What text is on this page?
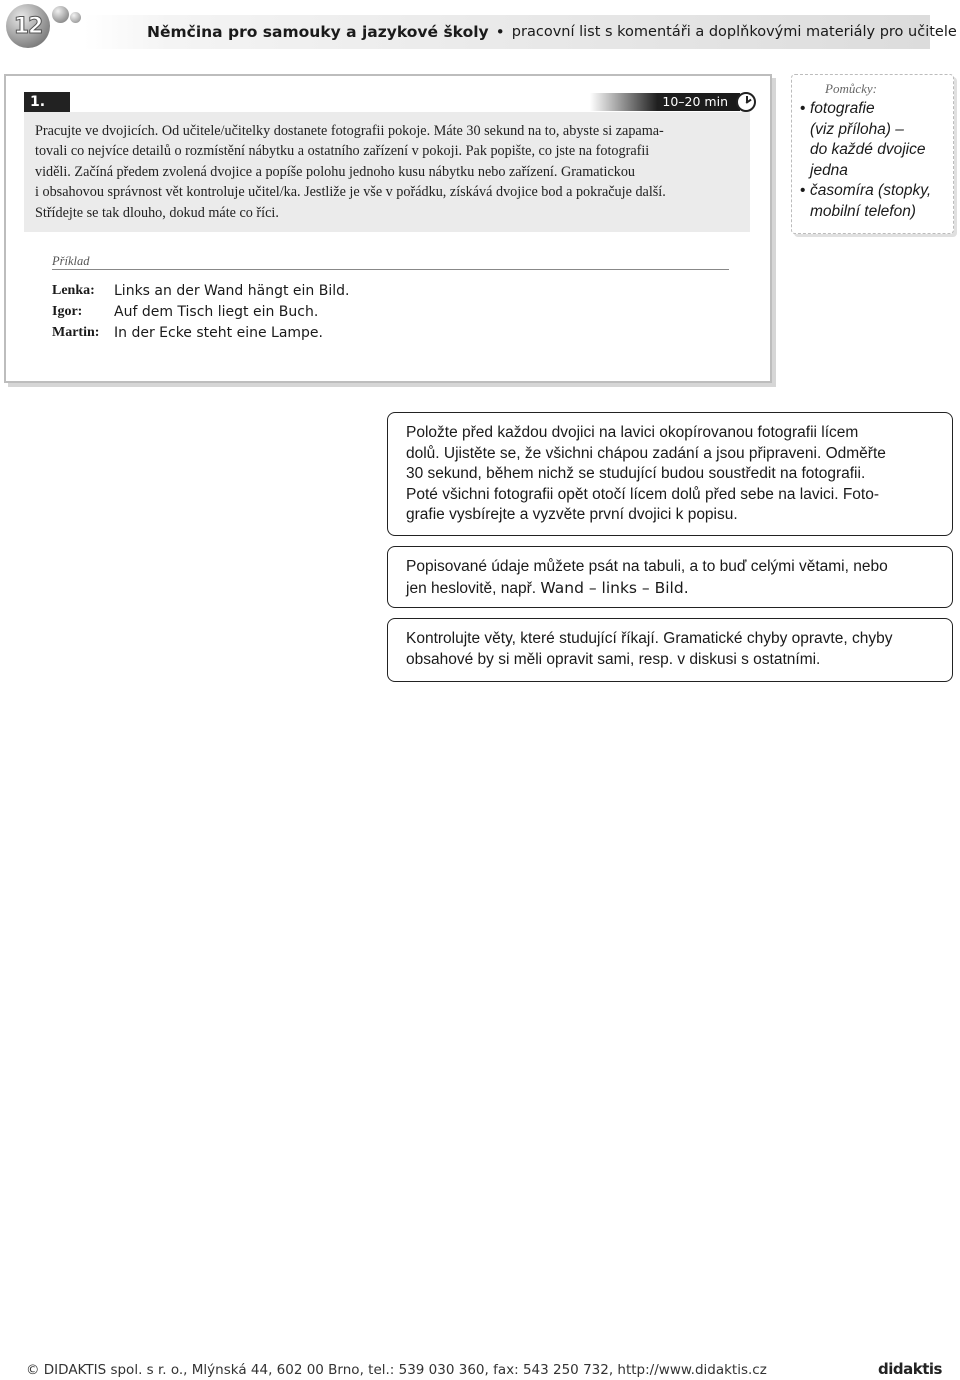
12	Němčina pro samouky a jazykové školy • pracovní list s komentáři a doplňkovými materiály pro učitele
1.	10–20 min

Pracujte ve dvojicích. Od učitele/učitelky dostanete fotografii pokoje. Máte 30 sekund na to, abyste si zapama-

tovali co nejvíce detailů o rozmístění nábytku a ostatního zařízení v pokoji. Pak popište, co jste na fotografii

viděli. Začíná předem zvolená dvojice a popíše polohu jednoho kusu nábytku nebo zařízení. Gramatickou

i obsahovou správnost vět kontroluje učitel/ka. Jestliže je vše v pořádku, získává dvojice bod a pokračuje další.

Střídejte se tak dlouho, dokud máte co říci.

Příklad
Lenka:	Links an der Wand hängt ein Bild.
Igor:	Auf dem Tisch liegt ein Buch.
Martin:	In der Ecke steht eine Lampe.
Pomůcky:
• fotografie
(viz příloha) –
do každé dvojice
jedna
• časomíra (stopky,
mobilní telefon)

Položte před každou dvojici na lavici okopírovanou fotografii lícem

dolů. Ujistěte se, že všichni chápou zadání a jsou připraveni. Odměřte

30 sekund, během nichž se studující budou soustředit na fotografii.

Poté všichni fotografii opět otočí lícem dolů před sebe na lavici. Foto-

grafie vysbírejte a vyzvěte první dvojici k popisu.

Popisované údaje můžete psát na tabuli, a to buď celými větami, nebo

jen heslovitě, např. Wand – links – Bild.

Kontrolujte věty, které studující říkají. Gramatické chyby opravte, chyby

obsahové by si měli opravit sami, resp. v diskusi s ostatními.

© DIDAKTIS spol. s r. o., Mlýnská 44, 602 00 Brno, tel.: 539 030 360, fax: 543 250 732, http://www.didaktis.cz	didaktis
